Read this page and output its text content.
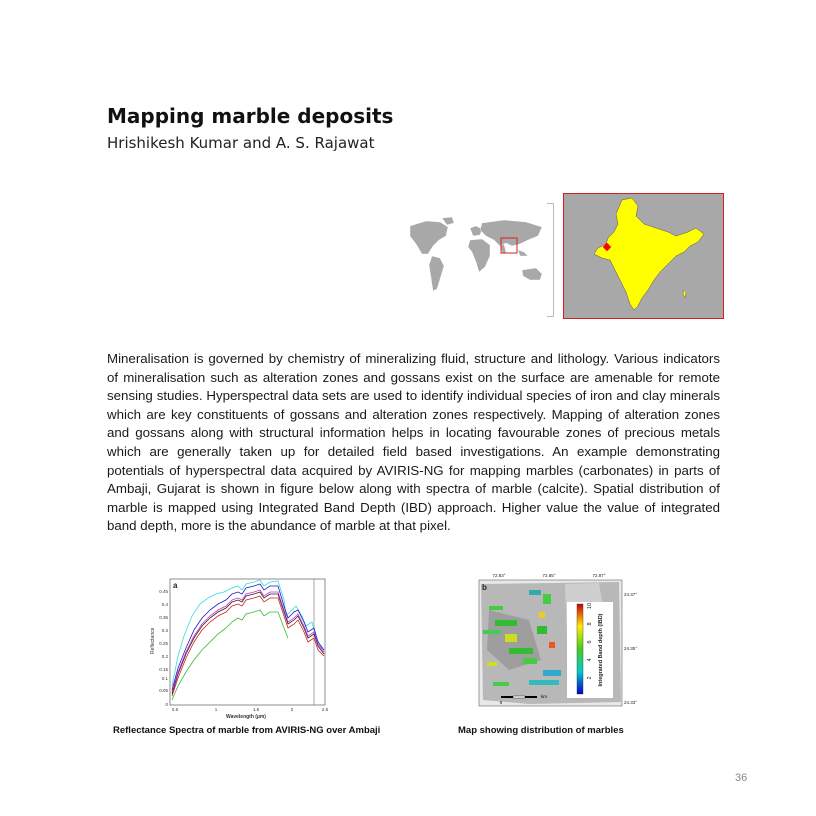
Mapping marble deposits
Hrishikesh Kumar and A. S. Rajawat

Mineralisation is governed by chemistry of mineralizing fluid, structure and lithology. Various indicators of mineralisation such as alteration zones and gossans exist on the surface are amenable for remote sensing studies. Hyperspectral data sets are used to identify individual species of iron and clay minerals which are key constituents of gossans and alteration zones respectively. Mapping of alteration zones and gossans along with structural information helps in locating favourable zones of precious metals which are generally taken up for detailed field based investigations. An example demonstrating potentials of hyperspectral data acquired by AVIRIS-NG for mapping marbles (carbonates) in parts of Ambaji, Gujarat is shown in figure below along with spectra of marble (calcite). Spatial distribution of marble is mapped using Integrated Band Depth (IBD) approach. Higher value the value of integrated band depth, more is the abundance of marble at that pixel.

a
Reflectance
0.45
0.4
0.35
0.3
0.25
0.2
0.15
0.1
0.05
0
0.5	1	1.5	2	2.5
Wavelength (µm)
72.83°	72.85°	72.87°
2
4
6
8
10
Integrated Band depth (IBD)
b
0
km
24.37°
24.35°
24.33°
Reflectance Spectra of marble from AVIRIS-NG over Ambaji	Map showing distribution of marbles
36
